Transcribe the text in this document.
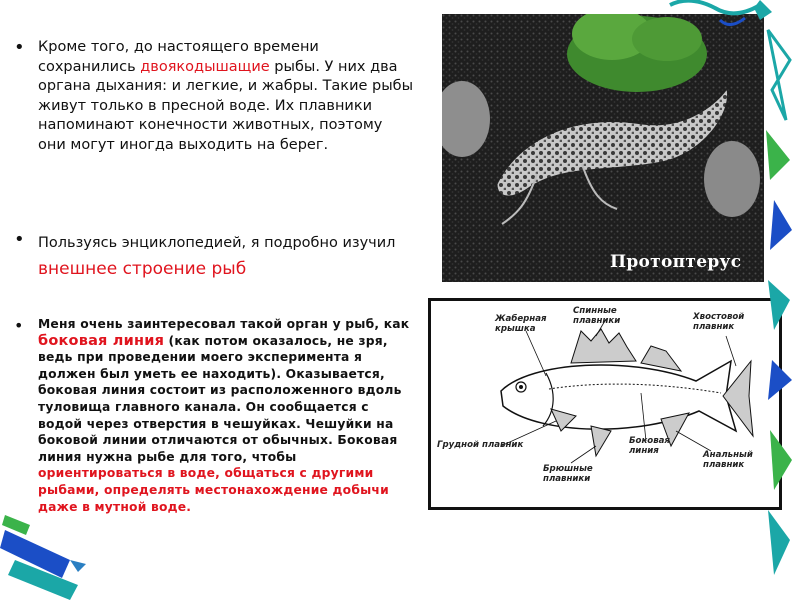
• Кроме того, до настоящего времени сохранились двоякодышащие рыбы. У них два органа дыхания: и легкие, и жабры. Такие рыбы живут только в пресной воде. Их плавники напоминают конечности животных, поэтому они могут иногда выходить на берег.
• Пользуясь энциклопедией, я подробно изучил внешнее строение рыб
• Меня очень заинтересовал такой орган у рыб, как боковая линия (как потом оказалось, не зря, ведь при проведении моего эксперимента я должен был уметь ее находить). Оказывается, боковая линия состоит из расположенного вдоль туловища главного канала. Он сообщается с водой через отверстия в чешуйках. Чешуйки на боковой линии отличаются от обычных. Боковая линия нужна рыбе для того, чтобы ориентироваться в воде, общаться с другими рыбами, определять местонахождение добычи даже в мутной воде.
Протоптерус
Жаберная крышка
Спинные плавники	Хвостовой плавник
Грудной плавник	Боковая линия	Анальный плавник
Брюшные плавники
